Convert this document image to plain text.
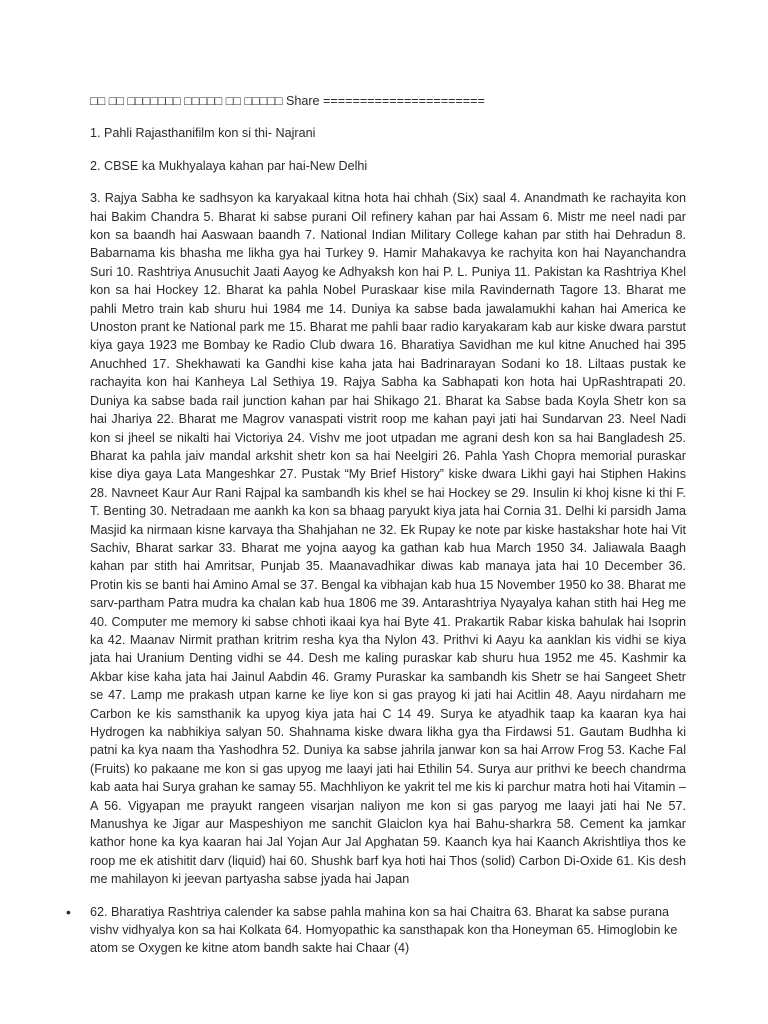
□□ □□ □□□□□□□ □□□□□ □□ □□□□□ Share ======================

1. Pahli Rajasthanifilm kon si thi- Najrani

2. CBSE ka Mukhyalaya kahan par hai-New Delhi

3. Rajya Sabha ke sadhsyon ka karyakaal kitna hota hai chhah (Six) saal 4. Anandmath ke rachayita kon hai Bakim Chandra 5. Bharat ki sabse purani Oil refinery kahan par hai Assam 6. Mistr me neel nadi par kon sa baandh hai Aaswaan baandh 7. National Indian Military College kahan par stith hai Dehradun 8. Babarnama kis bhasha me likha gya hai Turkey 9. Hamir Mahakavya ke rachyita kon hai Nayanchandra Suri 10. Rashtriya Anusuchit Jaati Aayog ke Adhyaksh kon hai P. L. Puniya 11. Pakistan ka Rashtriya Khel kon sa hai Hockey 12. Bharat ka pahla Nobel Puraskaar kise mila Ravindernath Tagore 13. Bharat me pahli Metro train kab shuru hui 1984 me 14. Duniya ka sabse bada jawalamukhi kahan hai America ke Unoston prant ke National park me 15. Bharat me pahli baar radio karyakaram kab aur kiske dwara parstut kiya gaya 1923 me Bombay ke Radio Club dwara 16. Bharatiya Savidhan me kul kitne Anuched hai 395 Anuchhed 17. Shekhawati ka Gandhi kise kaha jata hai Badrinarayan Sodani ko 18. Liltaas pustak ke rachayita kon hai Kanheya Lal Sethiya 19. Rajya Sabha ka Sabhapati kon hota hai UpRashtrapati 20. Duniya ka sabse bada rail junction kahan par hai Shikago 21. Bharat ka Sabse bada Koyla Shetr kon sa hai Jhariya 22. Bharat me Magrov vanaspati vistrit roop me kahan payi jati hai Sundarvan 23. Neel Nadi kon si jheel se nikalti hai Victoriya 24. Vishv me joot utpadan me agrani desh kon sa hai Bangladesh 25. Bharat ka pahla jaiv mandal arkshit shetr kon sa hai Neelgiri 26. Pahla Yash Chopra memorial puraskar kise diya gaya Lata Mangeshkar 27. Pustak “My Brief History” kiske dwara Likhi gayi hai Stiphen Hakins 28. Navneet Kaur Aur Rani Rajpal ka sambandh kis khel se hai Hockey se 29. Insulin ki khoj kisne ki thi F. T. Benting 30. Netradaan me aankh ka kon sa bhaag paryukt kiya jata hai Cornia 31. Delhi ki parsidh Jama Masjid ka nirmaan kisne karvaya tha Shahjahan ne 32. Ek Rupay ke note par kiske hastakshar hote hai Vit Sachiv, Bharat sarkar 33. Bharat me yojna aayog ka gathan kab hua March 1950 34. Jaliawala Baagh kahan par stith hai Amritsar, Punjab 35. Maanavadhikar diwas kab manaya jata hai 10 December 36. Protin kis se banti hai Amino Amal se 37. Bengal ka vibhajan kab hua 15 November 1950 ko 38. Bharat me sarv-partham Patra mudra ka chalan kab hua 1806 me 39. Antarashtriya Nyayalya kahan stith hai Heg me 40. Computer me memory ki sabse chhoti ikaai kya hai Byte 41. Prakartik Rabar kiska bahulak hai Isoprin ka 42. Maanav Nirmit prathan kritrim resha kya tha Nylon 43. Prithvi ki Aayu ka aanklan kis vidhi se kiya jata hai Uranium Denting vidhi se 44. Desh me kaling puraskar kab shuru hua 1952 me 45. Kashmir ka Akbar kise kaha jata hai Jainul Aabdin 46. Gramy Puraskar ka sambandh kis Shetr se hai Sangeet Shetr se 47. Lamp me prakash utpan karne ke liye kon si gas prayog ki jati hai Acitlin 48. Aayu nirdaharn me Carbon ke kis samsthanik ka upyog kiya jata hai C 14 49. Surya ke atyadhik taap ka kaaran kya hai Hydrogen ka nabhikiya salyan 50. Shahnama kiske dwara likha gya tha Firdawsi 51. Gautam Budhha ki patni ka kya naam tha Yashodhra 52. Duniya ka sabse jahrila janwar kon sa hai Arrow Frog 53. Kache Fal (Fruits) ko pakaane me kon si gas upyog me laayi jati hai Ethilin 54. Surya aur prithvi ke beech chandrma kab aata hai Surya grahan ke samay 55. Machhliyon ke yakrit tel me kis ki parchur matra hoti hai Vitamin – A 56. Vigyapan me prayukt rangeen visarjan naliyon me kon si gas paryog me laayi jati hai Ne 57. Manushya ke Jigar aur Maspeshiyon me sanchit Glaiclon kya hai Bahu-sharkra 58. Cement ka jamkar kathor hone ka kya kaaran hai Jal Yojan Aur Jal Apghatan 59. Kaanch kya hai Kaanch Akrishtliya thos ke roop me ek atishitit darv (liquid) hai 60. Shushk barf kya hoti hai Thos (solid) Carbon Di-Oxide 61. Kis desh me mahilayon ki jeevan partyasha sabse jyada hai Japan

• 62. Bharatiya Rashtriya calender ka sabse pahla mahina kon sa hai Chaitra 63. Bharat ka sabse purana vishv vidhyalya kon sa hai Kolkata 64. Homyopathic ka sansthapak kon tha Honeyman 65. Himoglobin ke atom se Oxygen ke kitne atom bandh sakte hai Chaar (4)
